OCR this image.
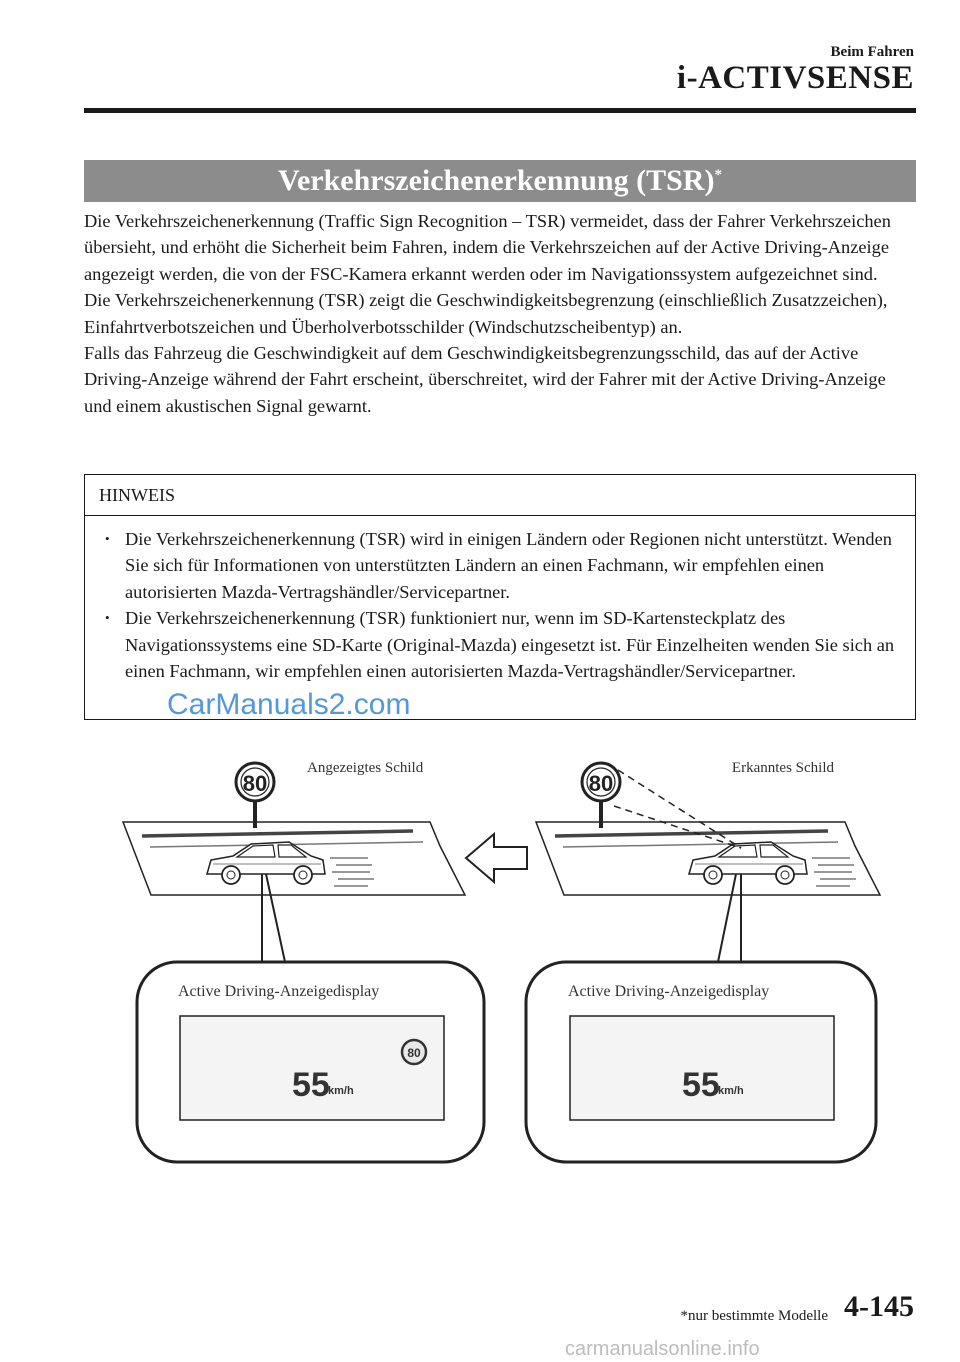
Beim Fahren
i-ACTIVSENSE
Verkehrszeichenerkennung (TSR)*

Die Verkehrszeichenerkennung (Traffic Sign Recognition – TSR) vermeidet, dass der Fahrer Verkehrszeichen übersieht, und erhöht die Sicherheit beim Fahren, indem die Verkehrszeichen auf der Active Driving-Anzeige angezeigt werden, die von der FSC-Kamera erkannt werden oder im Navigationssystem aufgezeichnet sind.

Die Verkehrszeichenerkennung (TSR) zeigt die Geschwindigkeitsbegrenzung (einschließlich Zusatzzeichen), Einfahrtverbotszeichen und Überholverbotsschilder (Windschutzscheibentyp) an.

Falls das Fahrzeug die Geschwindigkeit auf dem Geschwindigkeitsbegrenzungsschild, das auf der Active Driving-Anzeige während der Fahrt erscheint, überschreitet, wird der Fahrer mit der Active Driving-Anzeige und einem akustischen Signal gewarnt.

HINWEIS
• Die Verkehrszeichenerkennung (TSR) wird in einigen Ländern oder Regionen nicht unterstützt. Wenden Sie sich für Informationen von unterstützten Ländern an einen Fachmann, wir empfehlen einen autorisierten Mazda-Vertragshändler/Servicepartner.
• Die Verkehrszeichenerkennung (TSR) funktioniert nur, wenn im SD-Kartensteckplatz des Navigationssystems eine SD-Karte (Original-Mazda) eingesetzt ist. Für Einzelheiten wenden Sie sich an einen Fachmann, wir empfehlen einen autorisierten Mazda-Vertragshändler/Servicepartner.
CarManuals2.com
80
Angezeigtes Schild
80
Erkanntes Schild
Active Driving-Anzeigedisplay
55
km/h
80
Active Driving-Anzeigedisplay
55
km/h
*nur bestimmte Modelle 4-145
carmanualsonline.info
